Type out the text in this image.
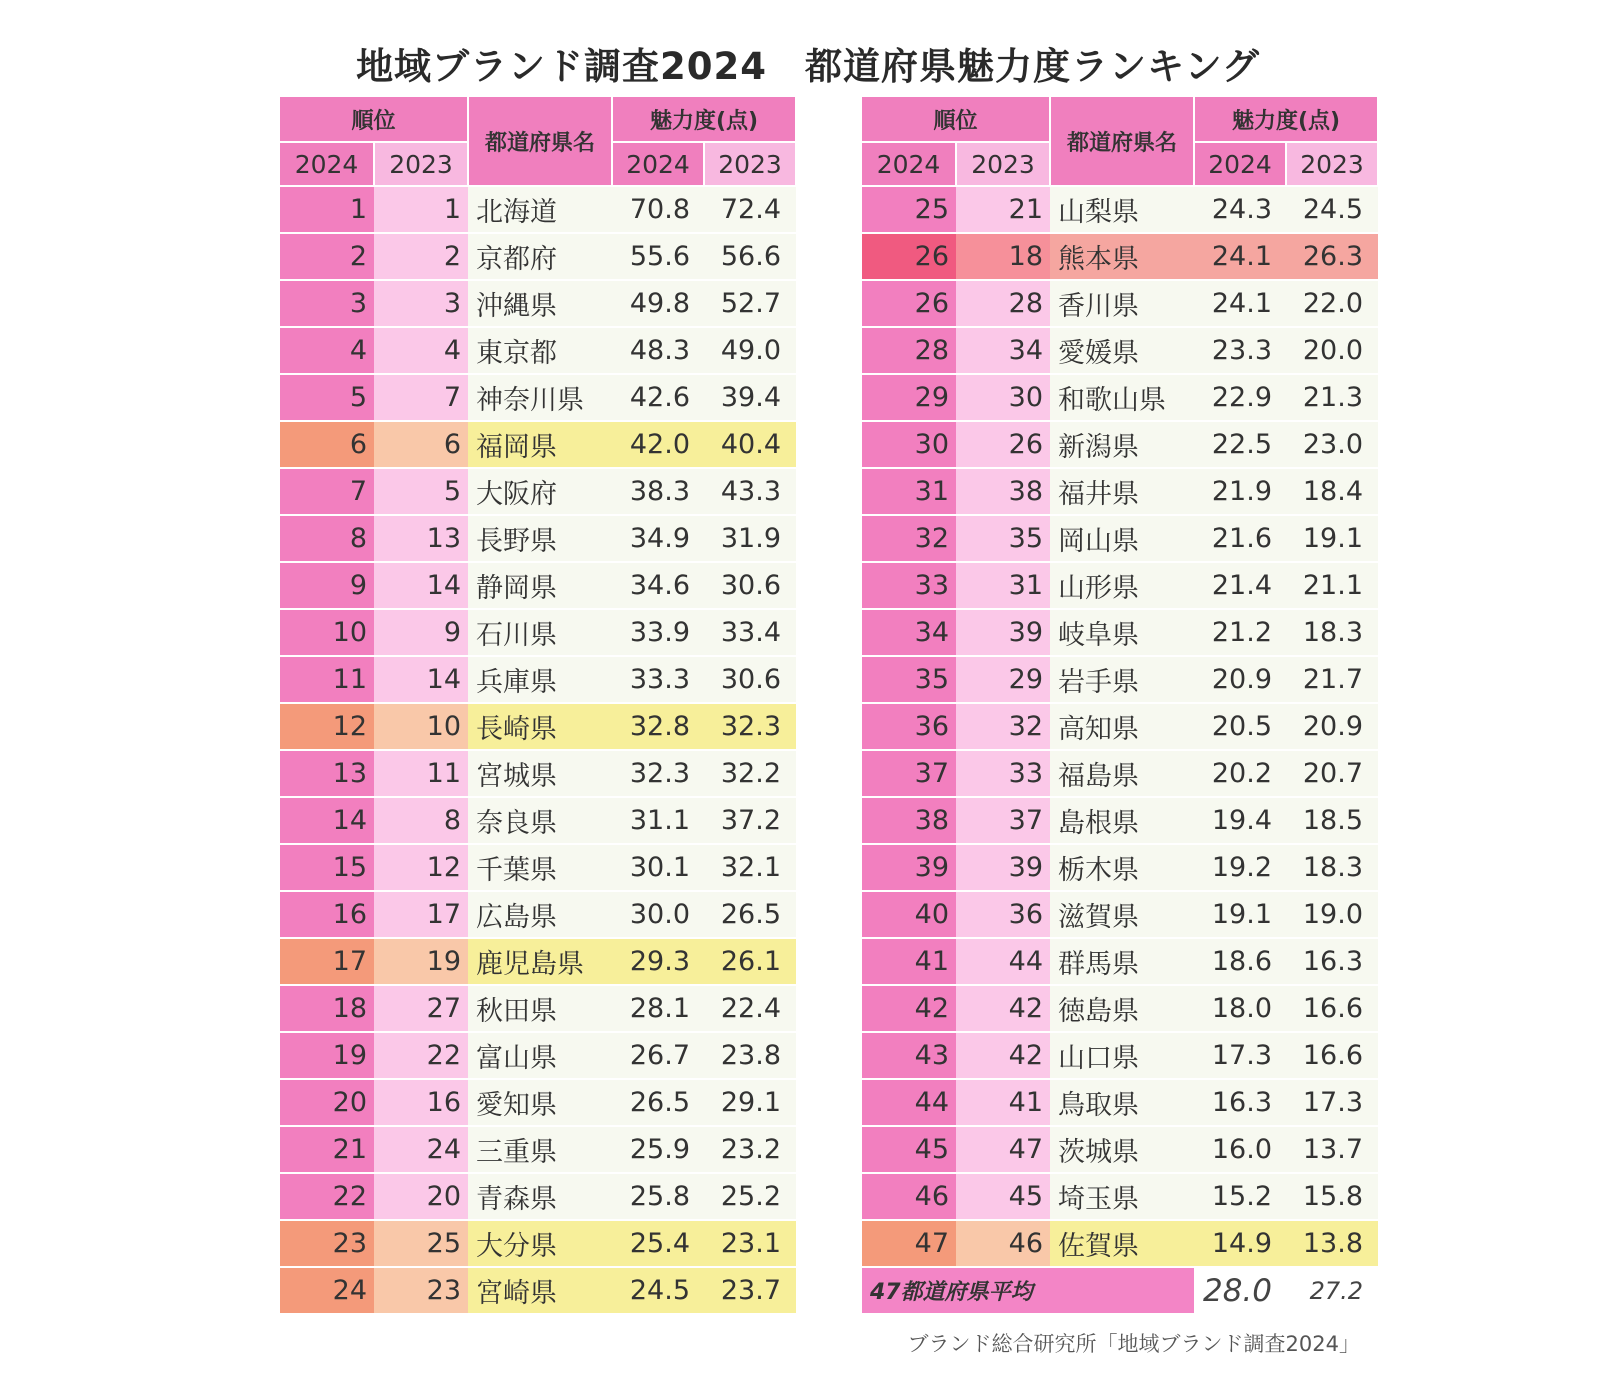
地域ブランド調査2024　都道府県魅力度ランキング
順位		都道府県名	魅力度(点)	
2024	2023		2024	2023
1	1	北海道	70.8	72.4
2	2	京都府	55.6	56.6
3	3	沖縄県	49.8	52.7
4	4	東京都	48.3	49.0
5	7	神奈川県	42.6	39.4
6	6	福岡県	42.0	40.4
7	5	大阪府	38.3	43.3
8	13	長野県	34.9	31.9
9	14	静岡県	34.6	30.6
10	9	石川県	33.9	33.4
11	14	兵庫県	33.3	30.6
12	10	長崎県	32.8	32.3
13	11	宮城県	32.3	32.2
14	8	奈良県	31.1	37.2
15	12	千葉県	30.1	32.1
16	17	広島県	30.0	26.5
17	19	鹿児島県	29.3	26.1
18	27	秋田県	28.1	22.4
19	22	富山県	26.7	23.8
20	16	愛知県	26.5	29.1
21	24	三重県	25.9	23.2
22	20	青森県	25.8	25.2
23	25	大分県	25.4	23.1
24	23	宮崎県	24.5	23.7
順位		都道府県名	魅力度(点)	
2024	2023		2024	2023
25	21	山梨県	24.3	24.5
26	18	熊本県	24.1	26.3
26	28	香川県	24.1	22.0
28	34	愛媛県	23.3	20.0
29	30	和歌山県	22.9	21.3
30	26	新潟県	22.5	23.0
31	38	福井県	21.9	18.4
32	35	岡山県	21.6	19.1
33	31	山形県	21.4	21.1
34	39	岐阜県	21.2	18.3
35	29	岩手県	20.9	21.7
36	32	高知県	20.5	20.9
37	33	福島県	20.2	20.7
38	37	島根県	19.4	18.5
39	39	栃木県	19.2	18.3
40	36	滋賀県	19.1	19.0
41	44	群馬県	18.6	16.3
42	42	徳島県	18.0	16.6
43	42	山口県	17.3	16.6
44	41	鳥取県	16.3	17.3
45	47	茨城県	16.0	13.7
46	45	埼玉県	15.2	15.8
47	46	佐賀県	14.9	13.8
47都道府県平均			28.0	27.2

ブランド総合研究所「地域ブランド調査2024」
